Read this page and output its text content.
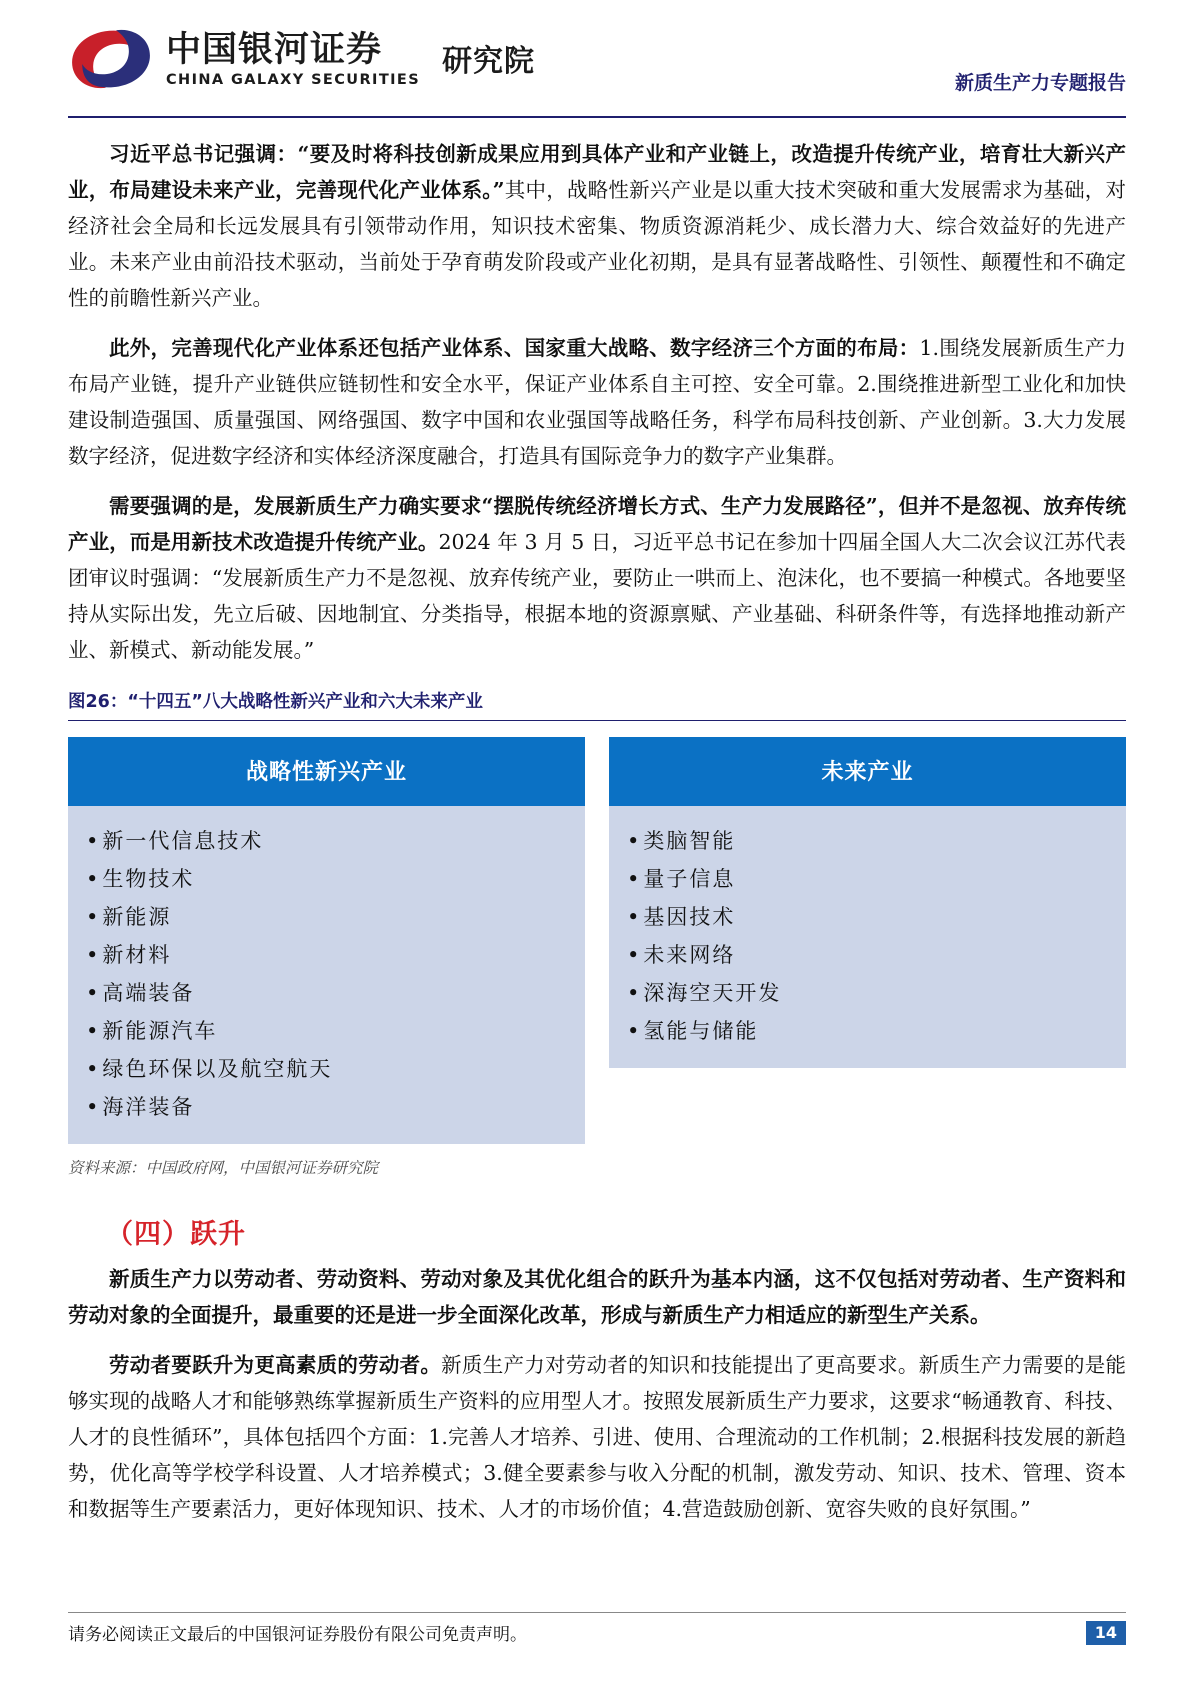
中国银河证券
CHINA GALAXY SECURITIES
研究院
新质生产力专题报告

习近平总书记强调：“要及时将科技创新成果应用到具体产业和产业链上，改造提升传统产业，培育壮大新兴产业，布局建设未来产业，完善现代化产业体系。”其中，战略性新兴产业是以重大技术突破和重大发展需求为基础，对经济社会全局和长远发展具有引领带动作用，知识技术密集、物质资源消耗少、成长潜力大、综合效益好的先进产业。未来产业由前沿技术驱动，当前处于孕育萌发阶段或产业化初期，是具有显著战略性、引领性、颠覆性和不确定性的前瞻性新兴产业。

此外，完善现代化产业体系还包括产业体系、国家重大战略、数字经济三个方面的布局：1.围绕发展新质生产力布局产业链，提升产业链供应链韧性和安全水平，保证产业体系自主可控、安全可靠。2.围绕推进新型工业化和加快建设制造强国、质量强国、网络强国、数字中国和农业强国等战略任务，科学布局科技创新、产业创新。3.大力发展数字经济，促进数字经济和实体经济深度融合，打造具有国际竞争力的数字产业集群。

需要强调的是，发展新质生产力确实要求“摆脱传统经济增长方式、生产力发展路径”，但并不是忽视、放弃传统产业，而是用新技术改造提升传统产业。2024 年 3 月 5 日，习近平总书记在参加十四届全国人大二次会议江苏代表团审议时强调：“发展新质生产力不是忽视、放弃传统产业，要防止一哄而上、泡沫化，也不要搞一种模式。各地要坚持从实际出发，先立后破、因地制宜、分类指导，根据本地的资源禀赋、产业基础、科研条件等，有选择地推动新产业、新模式、新动能发展。”

图26：“十四五”八大战略性新兴产业和六大未来产业
战略性新兴产业
•新一代信息技术
•生物技术
•新能源
•新材料
•高端装备
•新能源汽车
•绿色环保以及航空航天
•海洋装备
未来产业
•类脑智能
•量子信息
•基因技术
•未来网络
•深海空天开发
•氢能与储能
资料来源：中国政府网，中国银河证券研究院
（四）跃升

新质生产力以劳动者、劳动资料、劳动对象及其优化组合的跃升为基本内涵，这不仅包括对劳动者、生产资料和劳动对象的全面提升，最重要的还是进一步全面深化改革，形成与新质生产力相适应的新型生产关系。

劳动者要跃升为更高素质的劳动者。新质生产力对劳动者的知识和技能提出了更高要求。新质生产力需要的是能够实现的战略人才和能够熟练掌握新质生产资料的应用型人才。按照发展新质生产力要求，这要求“畅通教育、科技、人才的良性循环”，具体包括四个方面：1.完善人才培养、引进、使用、合理流动的工作机制；2.根据科技发展的新趋势，优化高等学校学科设置、人才培养模式；3.健全要素参与收入分配的机制，激发劳动、知识、技术、管理、资本和数据等生产要素活力，更好体现知识、技术、人才的市场价值；4.营造鼓励创新、宽容失败的良好氛围。”

请务必阅读正文最后的中国银河证券股份有限公司免责声明。	14
